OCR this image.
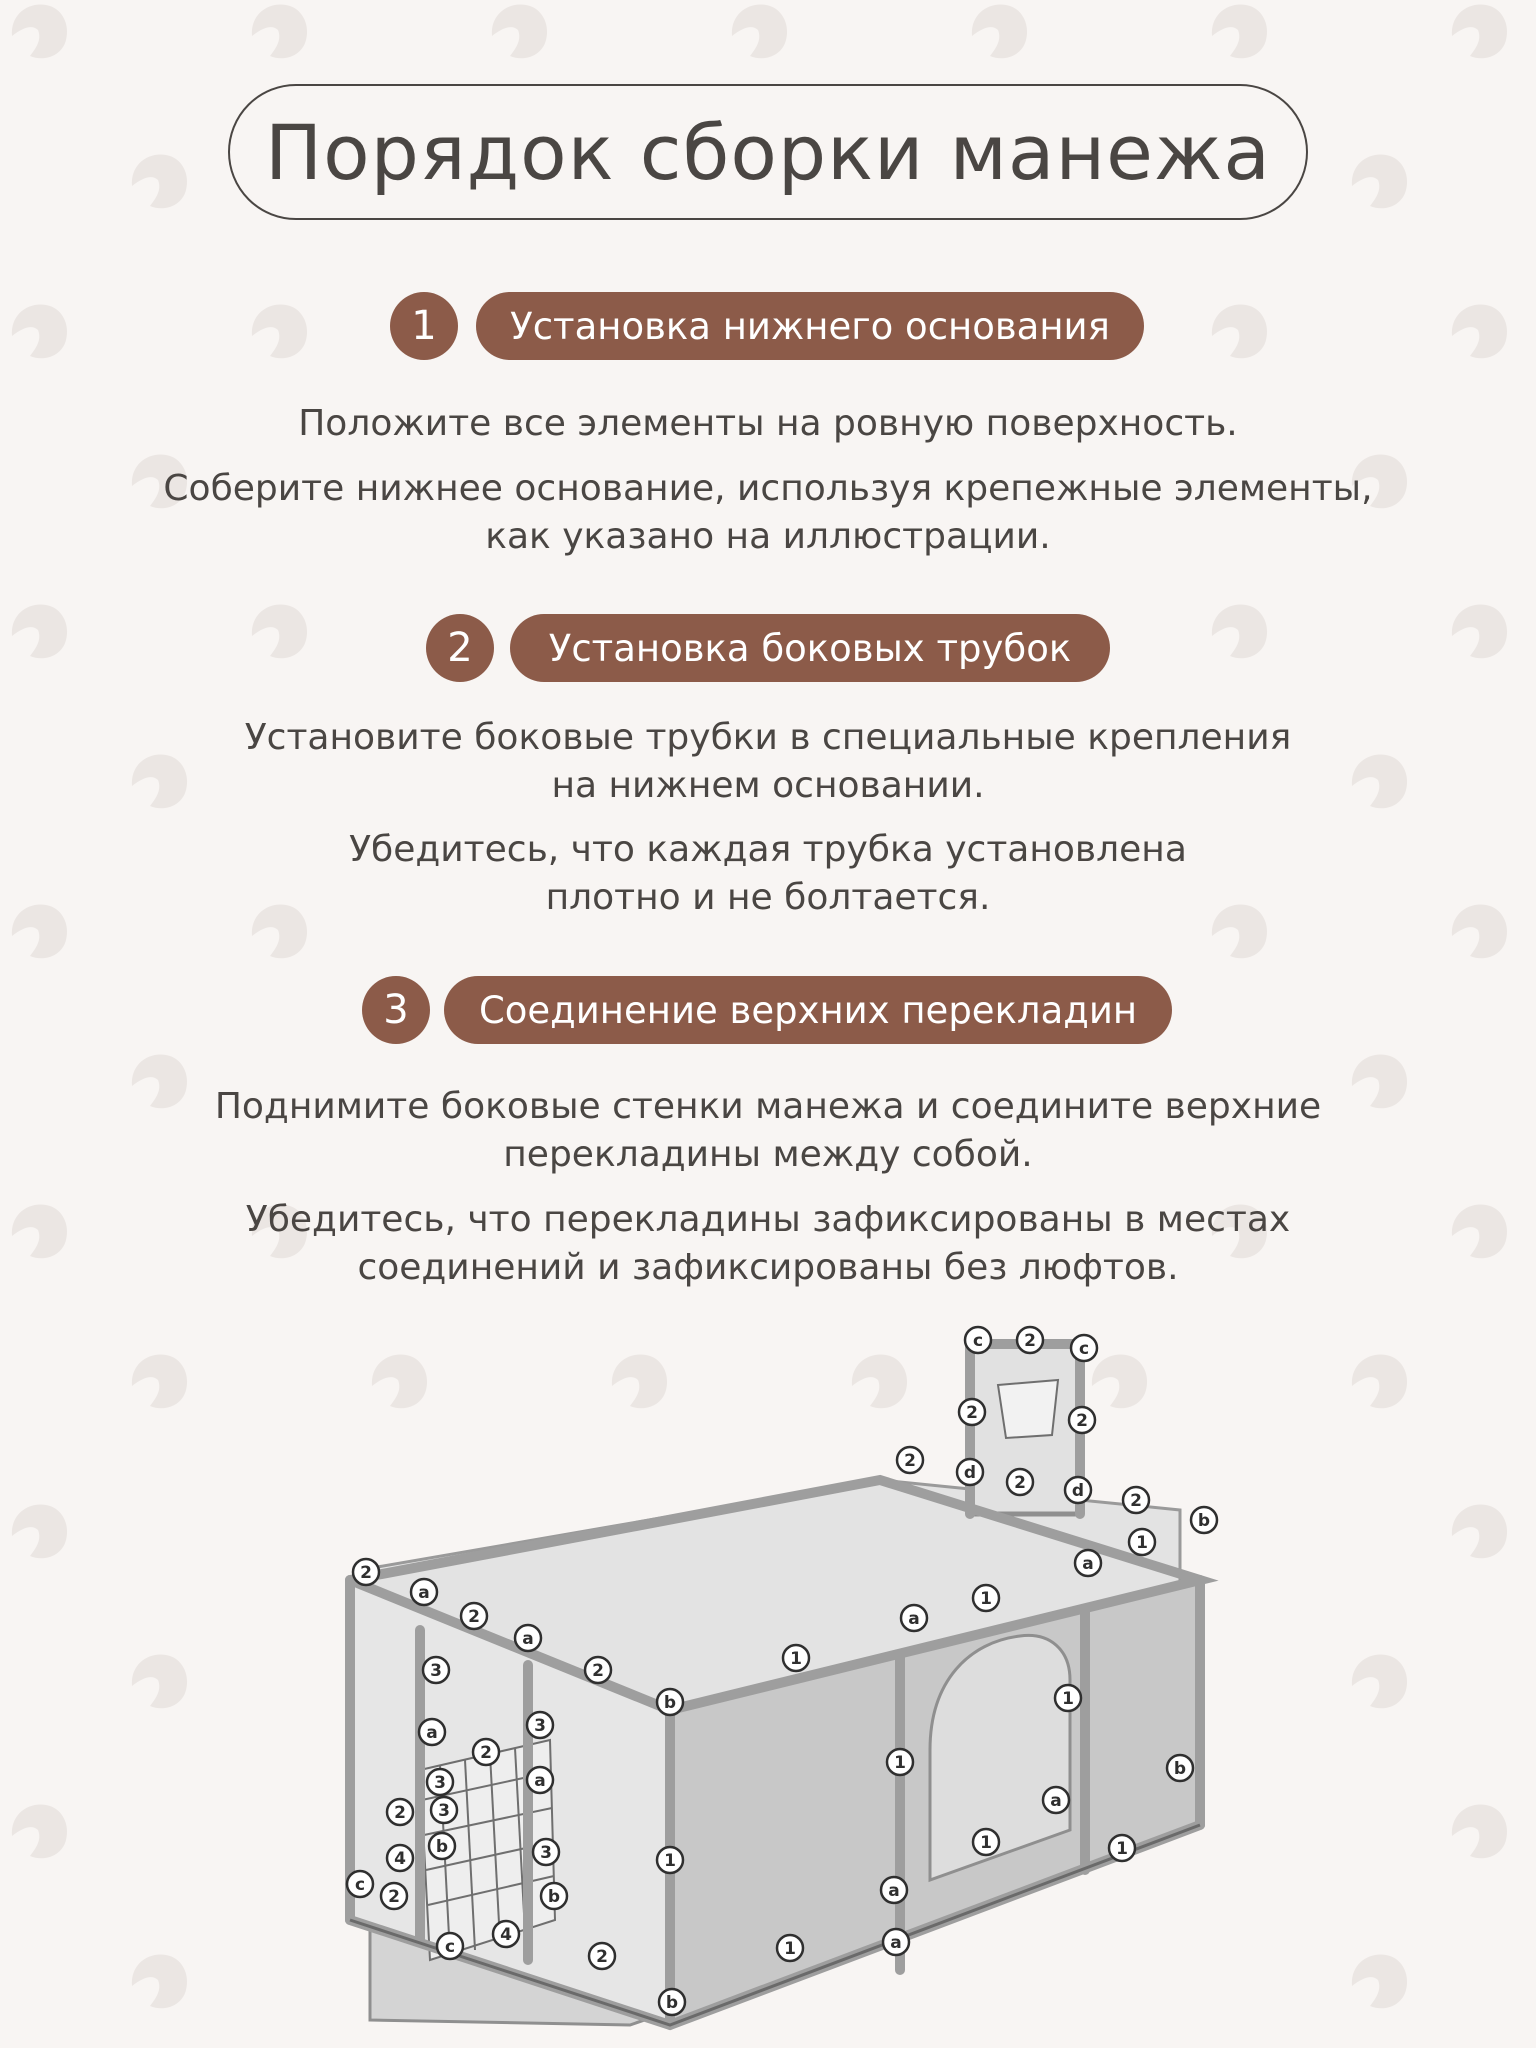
Порядок сборки манежа
1	Установка нижнего основания
Положите все элементы на ровную поверхность.
Соберите нижнее основание, используя крепежные элементы,
как указано на иллюстрации.
2	Установка боковых трубок
Установите боковые трубки в специальные крепления
на нижнем основании.
Убедитесь, что каждая трубка установлена
плотно и не болтается.
3	Соединение верхних перекладин
Поднимите боковые стенки манежа и соедините верхние
перекладины между собой.
Убедитесь, что перекладины зафиксированы в местах
соединений и зафиксированы без люфтов.
c 2	c
2	2
2
d 2	d	2
b
1
a
1
2
a
2
a
a
2
1
1
b
3
a	3
2
3	a
1
1	b
1
a
2 3
b
4
c
3
a
1
2	b
4
c	a
2	1
b
